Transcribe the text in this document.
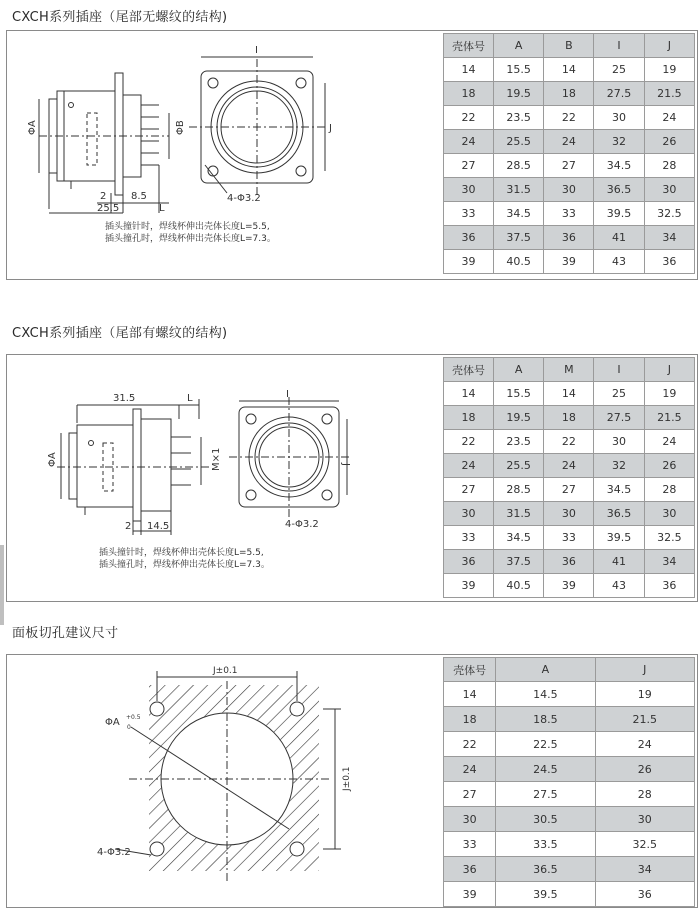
CXCH系列插座（尾部无螺纹的结构)
ΦA	ΦB
2 8.5
L
25.5
插头撞针时，焊线杯伸出壳体长度L=5.5,
插头撞孔时，焊线杯伸出壳体长度L=7.3。
I
J
4-Φ3.2
壳体号	A	B	I	J
14	15.5	14	25	19
18	19.5	18	27.5	21.5
22	23.5	22	30	24
24	25.5	24	32	26
27	28.5	27	34.5	28
30	31.5	30	36.5	30
33	34.5	33	39.5	32.5
36	37.5	36	41	34
39	40.5	39	43	36
CXCH系列插座（尾部有螺纹的结构)
31.5	L
ΦA	M×1
2 14.5
插头撞针时，焊线杯伸出壳体长度L=5.5,
插头撞孔时，焊线杯伸出壳体长度L=7.3。
I
J
4-Φ3.2
壳体号	A	M	I	J
14	15.5	14	25	19
18	19.5	18	27.5	21.5
22	23.5	22	30	24
24	25.5	24	32	26
27	28.5	27	34.5	28
30	31.5	30	36.5	30
33	34.5	33	39.5	32.5
36	37.5	36	41	34
39	40.5	39	43	36
面板切孔建议尺寸
J±0.1
ΦA +0.5
0
J±0.1
4-Φ3.2
壳体号	A	J
14	14.5	19
18	18.5	21.5
22	22.5	24
24	24.5	26
27	27.5	28
30	30.5	30
33	33.5	32.5
36	36.5	34
39	39.5	36
